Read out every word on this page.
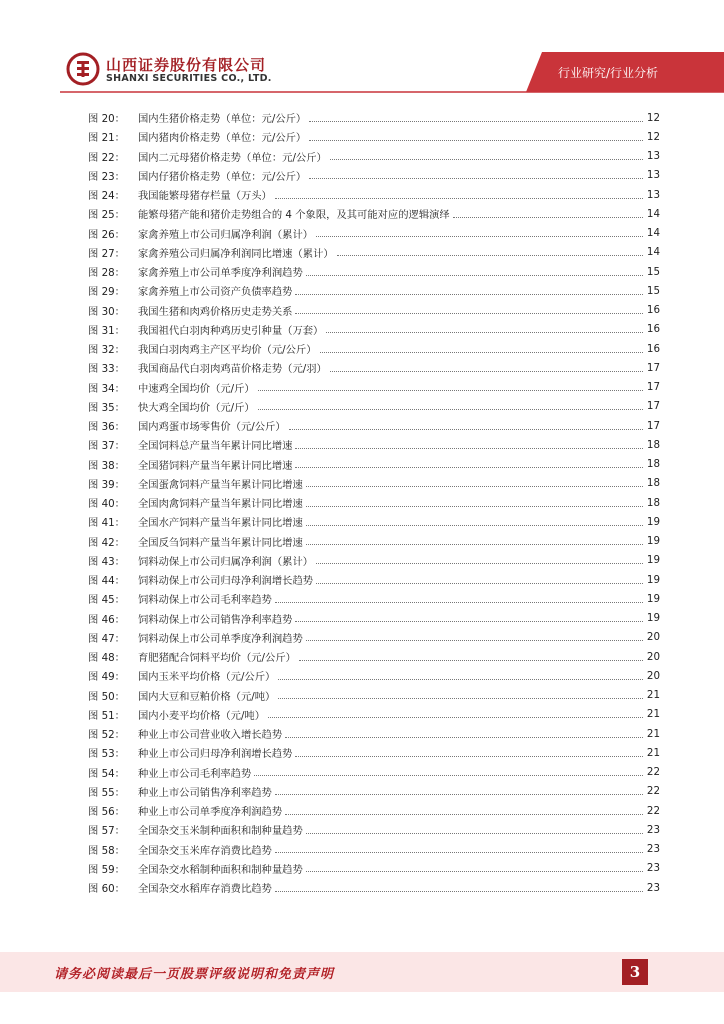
山西证券股份有限公司
SHANXI SECURITIES CO., LTD.	行业研究/行业分析
图 20：	国内生猪价格走势（单位：元/公斤）	12
图 21：	国内猪肉价格走势（单位：元/公斤）	12
图 22：	国内二元母猪价格走势（单位：元/公斤）	13
图 23：	国内仔猪价格走势（单位：元/公斤）	13
图 24：	我国能繁母猪存栏量（万头）	13
图 25：	能繁母猪产能和猪价走势组合的 4 个象限，及其可能对应的逻辑演绎	14
图 26：	家禽养殖上市公司归属净利润（累计）	14
图 27：	家禽养殖公司归属净利润同比增速（累计）	14
图 28：	家禽养殖上市公司单季度净利润趋势	15
图 29：	家禽养殖上市公司资产负债率趋势	15
图 30：	我国生猪和肉鸡价格历史走势关系	16
图 31：	我国祖代白羽肉种鸡历史引种量（万套）	16
图 32：	我国白羽肉鸡主产区平均价（元/公斤）	16
图 33：	我国商品代白羽肉鸡苗价格走势（元/羽）	17
图 34：	中速鸡全国均价（元/斤）	17
图 35：	快大鸡全国均价（元/斤）	17
图 36：	国内鸡蛋市场零售价（元/公斤）	17
图 37：	全国饲料总产量当年累计同比增速	18
图 38：	全国猪饲料产量当年累计同比增速	18
图 39：	全国蛋禽饲料产量当年累计同比增速	18
图 40：	全国肉禽饲料产量当年累计同比增速	18
图 41：	全国水产饲料产量当年累计同比增速	19
图 42：	全国反刍饲料产量当年累计同比增速	19
图 43：	饲料动保上市公司归属净利润（累计）	19
图 44：	饲料动保上市公司归母净利润增长趋势	19
图 45：	饲料动保上市公司毛利率趋势	19
图 46：	饲料动保上市公司销售净利率趋势	19
图 47：	饲料动保上市公司单季度净利润趋势	20
图 48：	育肥猪配合饲料平均价（元/公斤）	20
图 49：	国内玉米平均价格（元/公斤）	20
图 50：	国内大豆和豆粕价格（元/吨）	21
图 51：	国内小麦平均价格（元/吨）	21
图 52：	种业上市公司营业收入增长趋势	21
图 53：	种业上市公司归母净利润增长趋势	21
图 54：	种业上市公司毛利率趋势	22
图 55：	种业上市公司销售净利率趋势	22
图 56：	种业上市公司单季度净利润趋势	22
图 57：	全国杂交玉米制种面积和制种量趋势	23
图 58：	全国杂交玉米库存消费比趋势	23
图 59：	全国杂交水稻制种面积和制种量趋势	23
图 60：	全国杂交水稻库存消费比趋势	23
请务必阅读最后一页股票评级说明和免责声明	3
